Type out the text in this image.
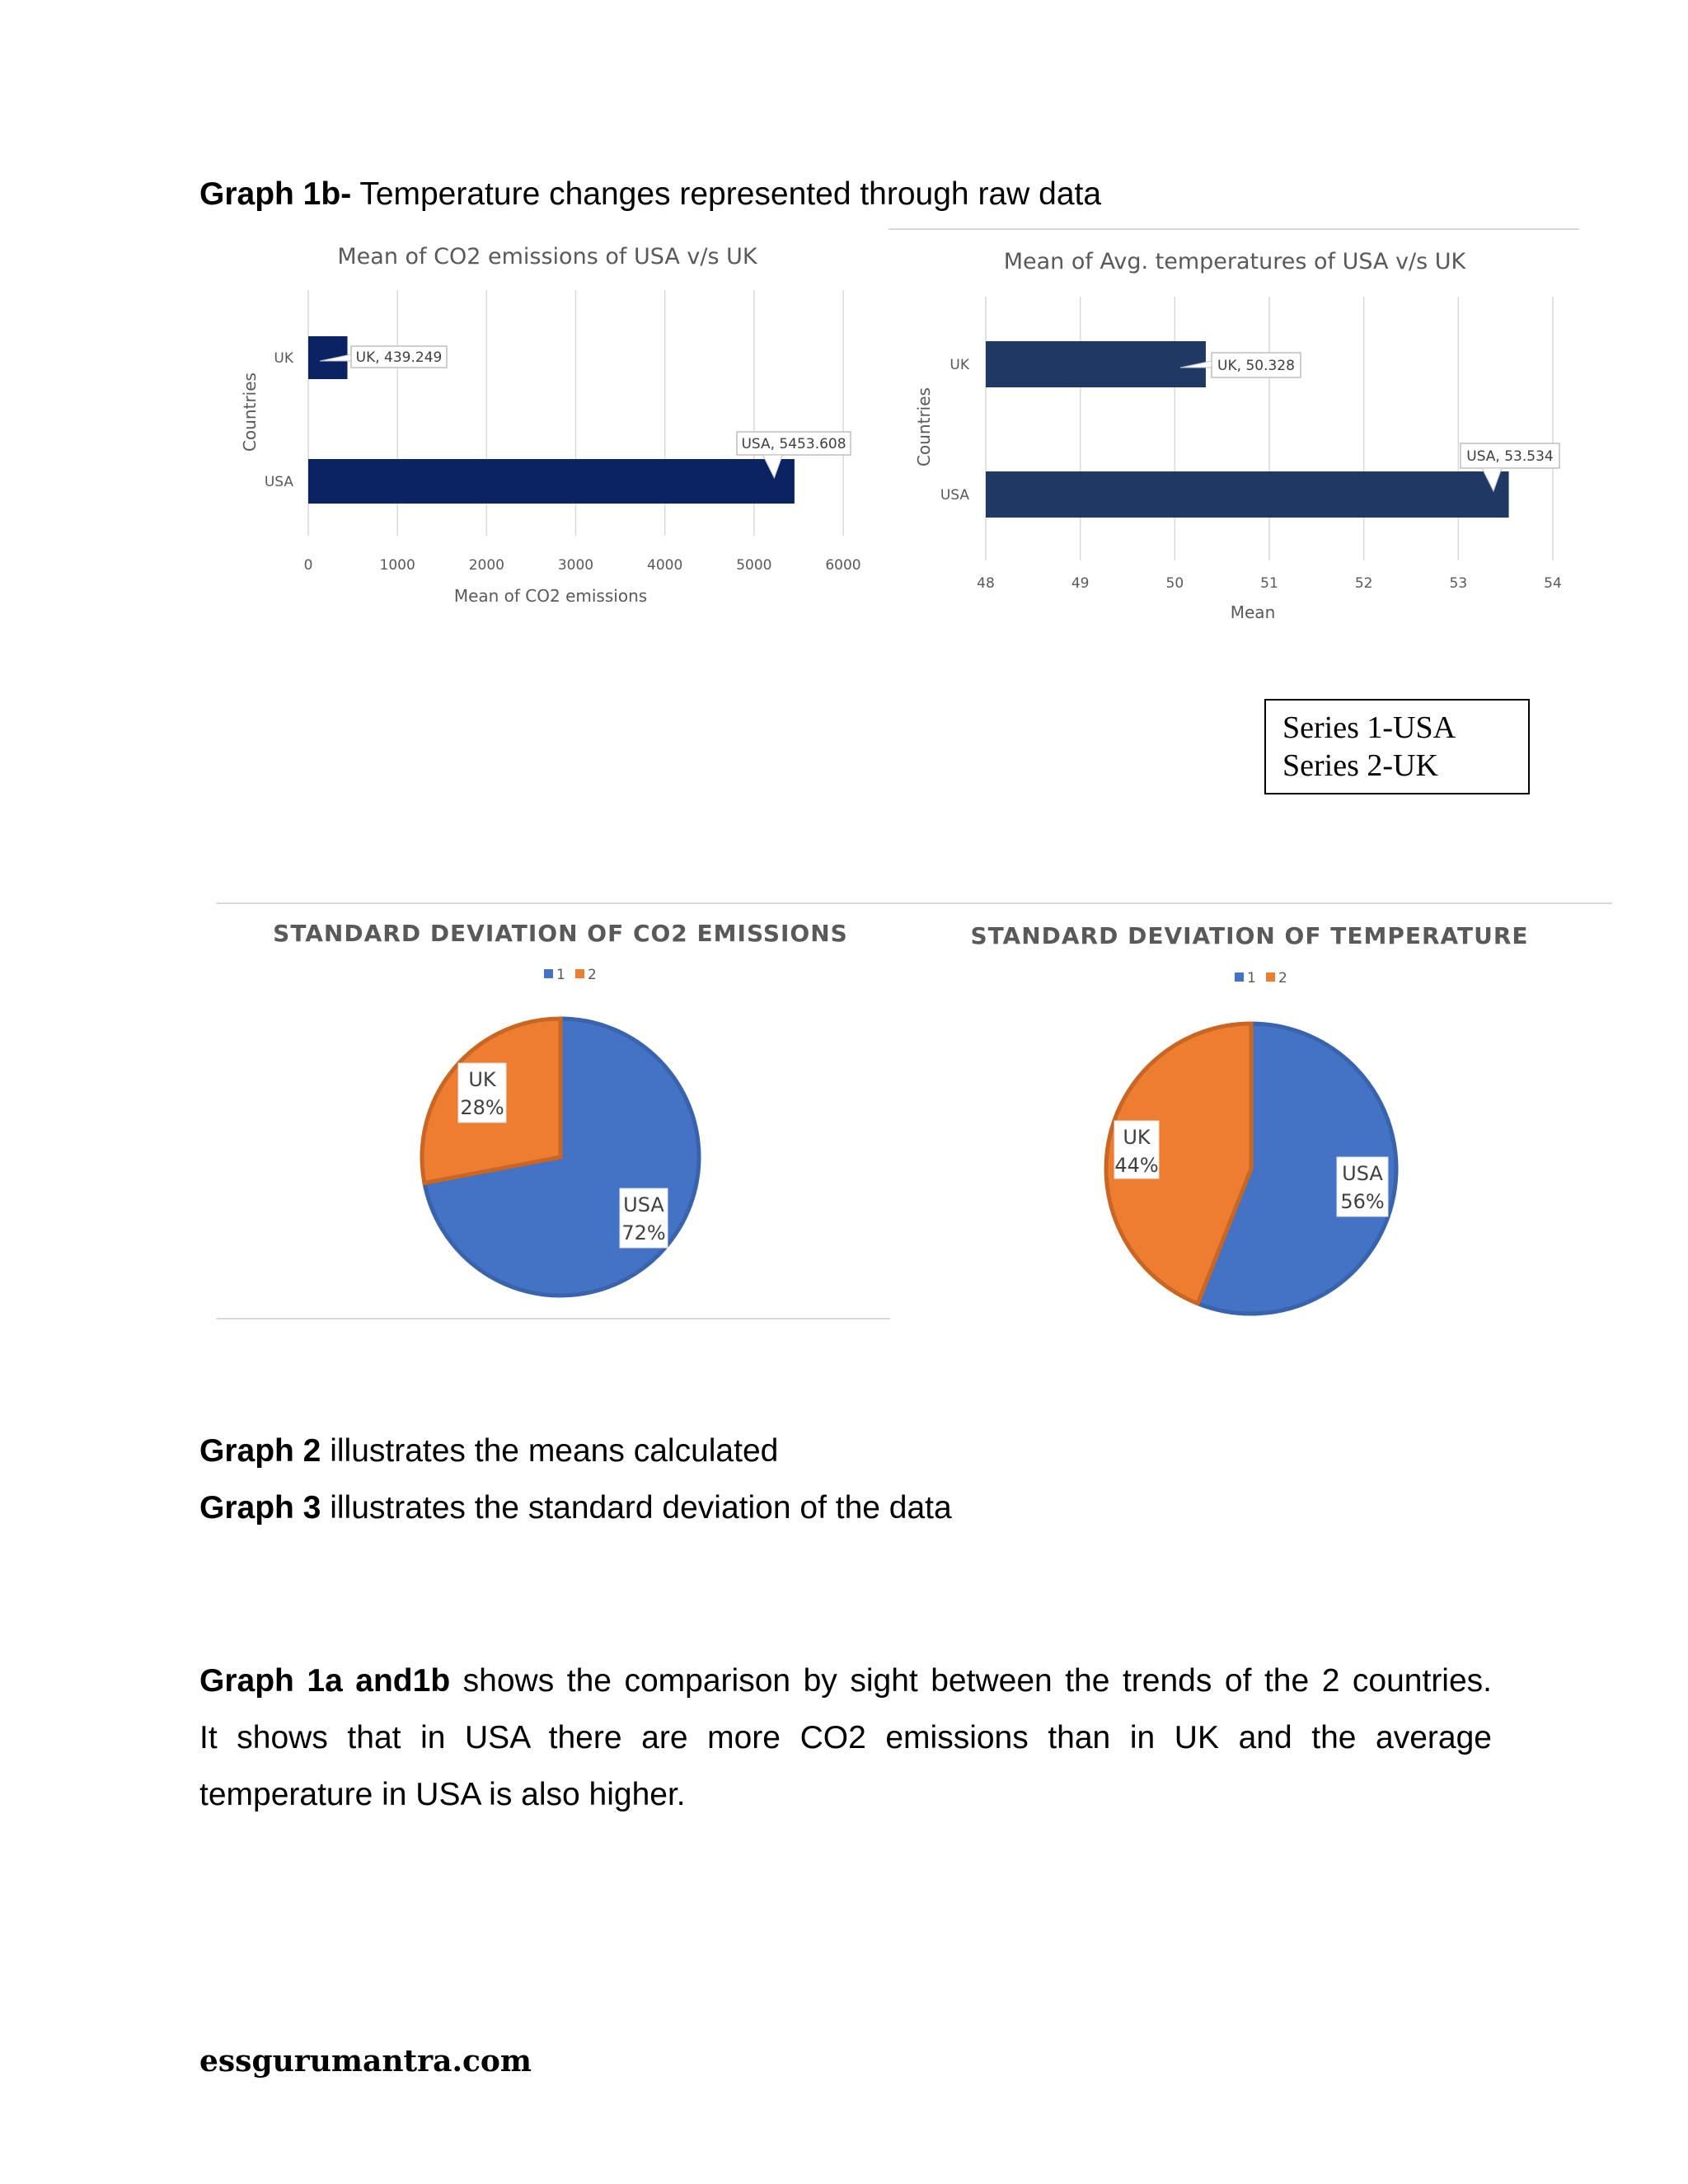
Graph 1b- Temperature changes represented through raw data
Mean of CO2 emissions of USA v/s UK
0	1000	2000	3000	4000	5000	6000
UK	UK, 439.249
USA
USA, 5453.608
Mean of CO2 emissions
Countries
Mean of Avg. temperatures of USA v/s UK
48	49	50	51	52	53	54
UK	UK, 50.328
USA
USA, 53.534
Mean
Countries
STANDARD DEVIATION OF CO2 EMISSIONS
1 2
USA
72%
UK
28%
STANDARD DEVIATION OF TEMPERATURE
1 2
USA
56%
UK
44%
Series 1-USA
Series 2-UK
Graph 2 illustrates the means calculated
Graph 3 illustrates the standard deviation of the data
Graph 1a and1b shows the comparison by sight between the trends of the 2 countries.
It shows that in USA there are more CO2 emissions than in UK and the average
temperature in USA is also higher.
essgurumantra.com
